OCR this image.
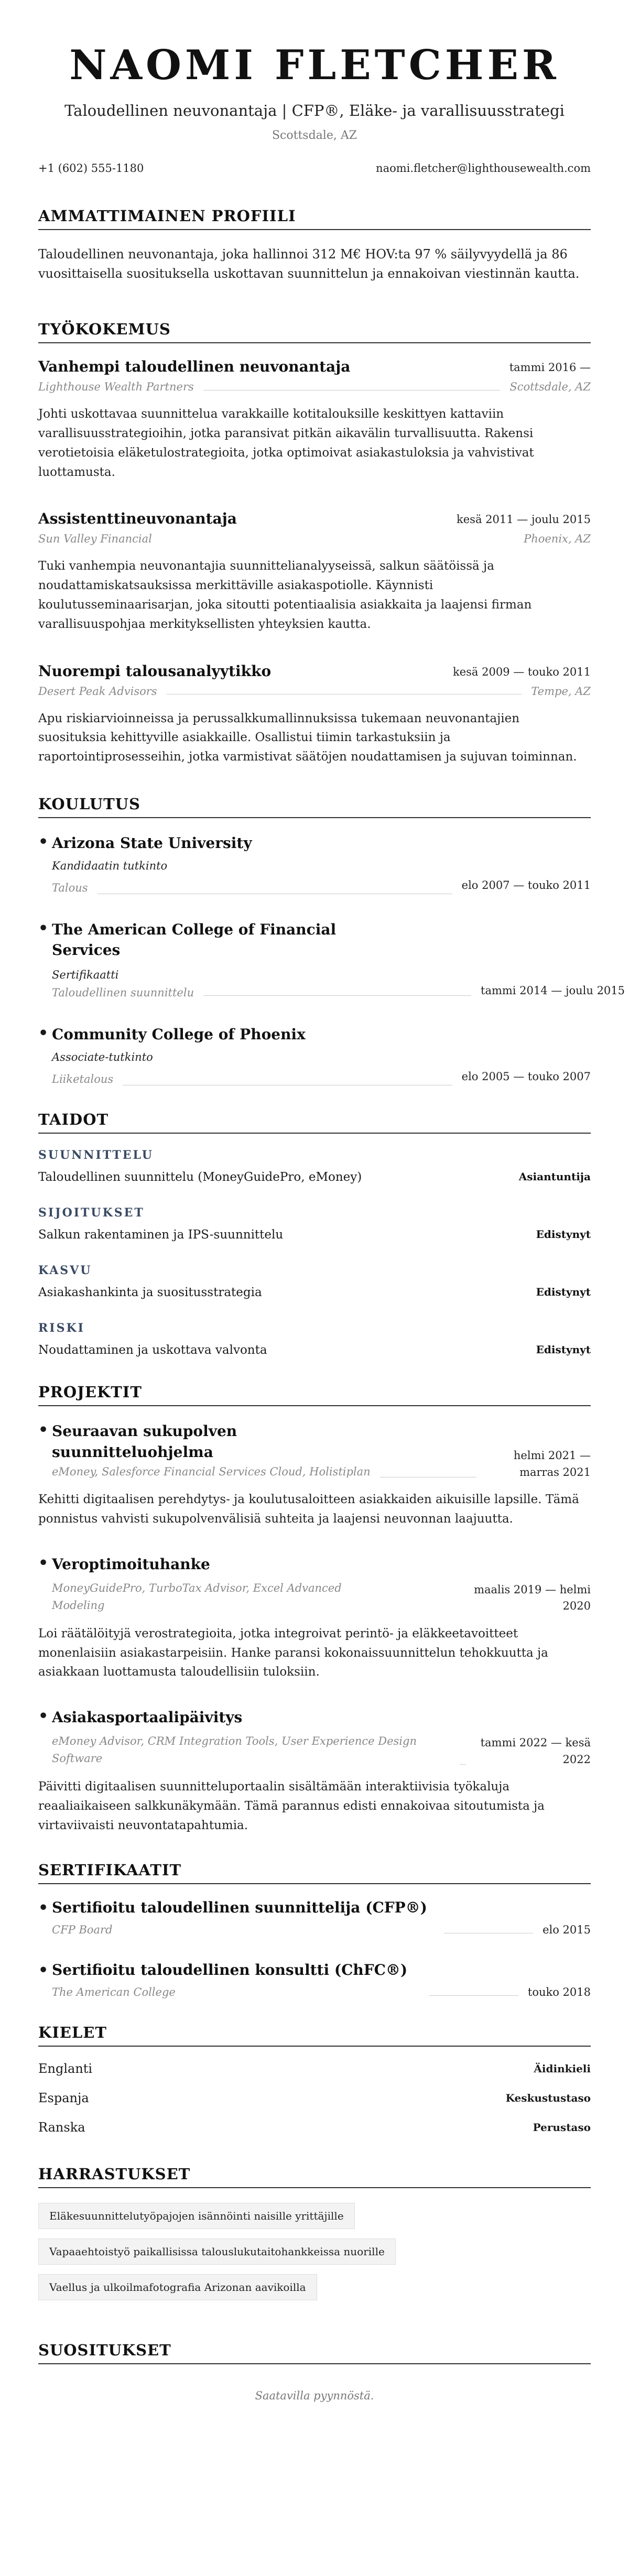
NAOMI FLETCHER
Taloudellinen neuvonantaja | CFP®, Eläke- ja varallisuusstrategi
Scottsdale, AZ
+1 (602) 555-1180	naomi.fletcher@lighthousewealth.com
AMMATTIMAINEN PROFIILI
Taloudellinen neuvonantaja, joka hallinnoi 312 M€ HOV:ta 97 % säilyvyydellä ja 86 vuosittaisella suosituksella uskottavan suunnittelun ja ennakoivan viestinnän kautta.
TYÖKOKEMUS
Vanhempi taloudellinen neuvonantaja	tammi 2016 —
Lighthouse Wealth Partners	Scottsdale, AZ
Johti uskottavaa suunnittelua varakkaille kotitalouksille keskittyen kattaviin varallisuusstrategioihin, jotka paransivat pitkän aikavälin turvallisuutta. Rakensi verotietoisia eläketulostrategioita, jotka optimoivat asiakastuloksia ja vahvistivat luottamusta.
Assistenttineuvonantaja	kesä 2011 — joulu 2015
Sun Valley Financial	Phoenix, AZ
Tuki vanhempia neuvonantajia suunnittelianalyyseissä, salkun säätöissä ja noudattamiskatsauksissa merkittäville asiakaspotiolle. Käynnisti koulutusseminaarisarjan, joka sitoutti potentiaalisia asiakkaita ja laajensi firman varallisuuspohjaa merkityksellisten yhteyksien kautta.
Nuorempi talousanalyytikko	kesä 2009 — touko 2011
Desert Peak Advisors	Tempe, AZ
Apu riskiarvioinneissa ja perussalkkumallinnuksissa tukemaan neuvonantajien suosituksia kehittyville asiakkaille. Osallistui tiimin tarkastuksiin ja raportointiprosesseihin, jotka varmistivat säätöjen noudattamisen ja sujuvan toiminnan.
KOULUTUS
• Arizona State University
Kandidaatin tutkinto
Talous	elo 2007 — touko 2011
• The American College of Financial Services
Sertifikaatti
Taloudellinen suunnittelu	tammi 2014 — joulu 2015
• Community College of Phoenix
Associate-tutkinto
Liiketalous	elo 2005 — touko 2007
TAIDOT
SUUNNITTELU
Taloudellinen suunnittelu (MoneyGuidePro, eMoney)	Asiantuntija
SIJOITUKSET
Salkun rakentaminen ja IPS-suunnittelu	Edistynyt
KASVU
Asiakashankinta ja suositusstrategia	Edistynyt
RISKI
Noudattaminen ja uskottava valvonta	Edistynyt
PROJEKTIT
• Seuraavan sukupolven suunnitteluohjelma
eMoney, Salesforce Financial Services Cloud, Holistiplan
helmi 2021 — marras 2021
Kehitti digitaalisen perehdytys- ja koulutusaloitteen asiakkaiden aikuisille lapsille. Tämä ponnistus vahvisti sukupolvenvälisiä suhteita ja laajensi neuvonnan laajuutta.
• Veroptimoituhanke
MoneyGuidePro, TurboTax Advisor, Excel Advanced Modeling
maalis 2019 — helmi 2020
Loi räätälöityjä verostrategioita, jotka integroivat perintö- ja eläkkeetavoitteet monenlaisiin asiakastarpeisiin. Hanke paransi kokonaissuunnittelun tehokkuutta ja asiakkaan luottamusta taloudellisiin tuloksiin.
• Asiakasportaalipäivitys
eMoney Advisor, CRM Integration Tools, User Experience Design Software
tammi 2022 — kesä 2022
Päivitti digitaalisen suunnitteluportaalin sisältämään interaktiivisia työkaluja reaaliaikaiseen salkkunäkymään. Tämä parannus edisti ennakoivaa sitoutumista ja virtaviivaisti neuvontatapahtumia.
SERTIFIKAATIT
• Sertifioitu taloudellinen suunnittelija (CFP®)
CFP Board	elo 2015
• Sertifioitu taloudellinen konsultti (ChFC®)
The American College	touko 2018
KIELET
Englanti	Äidinkieli
Espanja	Keskustustaso
Ranska	Perustaso
HARRASTUKSET
Eläkesuunnittelutyöpajojen isännöinti naisille yrittäjille
Vapaaehtoistyö paikallisissa talouslukutaitohankkeissa nuorille
Vaellus ja ulkoilmafotografia Arizonan aavikoilla
SUOSITUKSET
Saatavilla pyynnöstä.
